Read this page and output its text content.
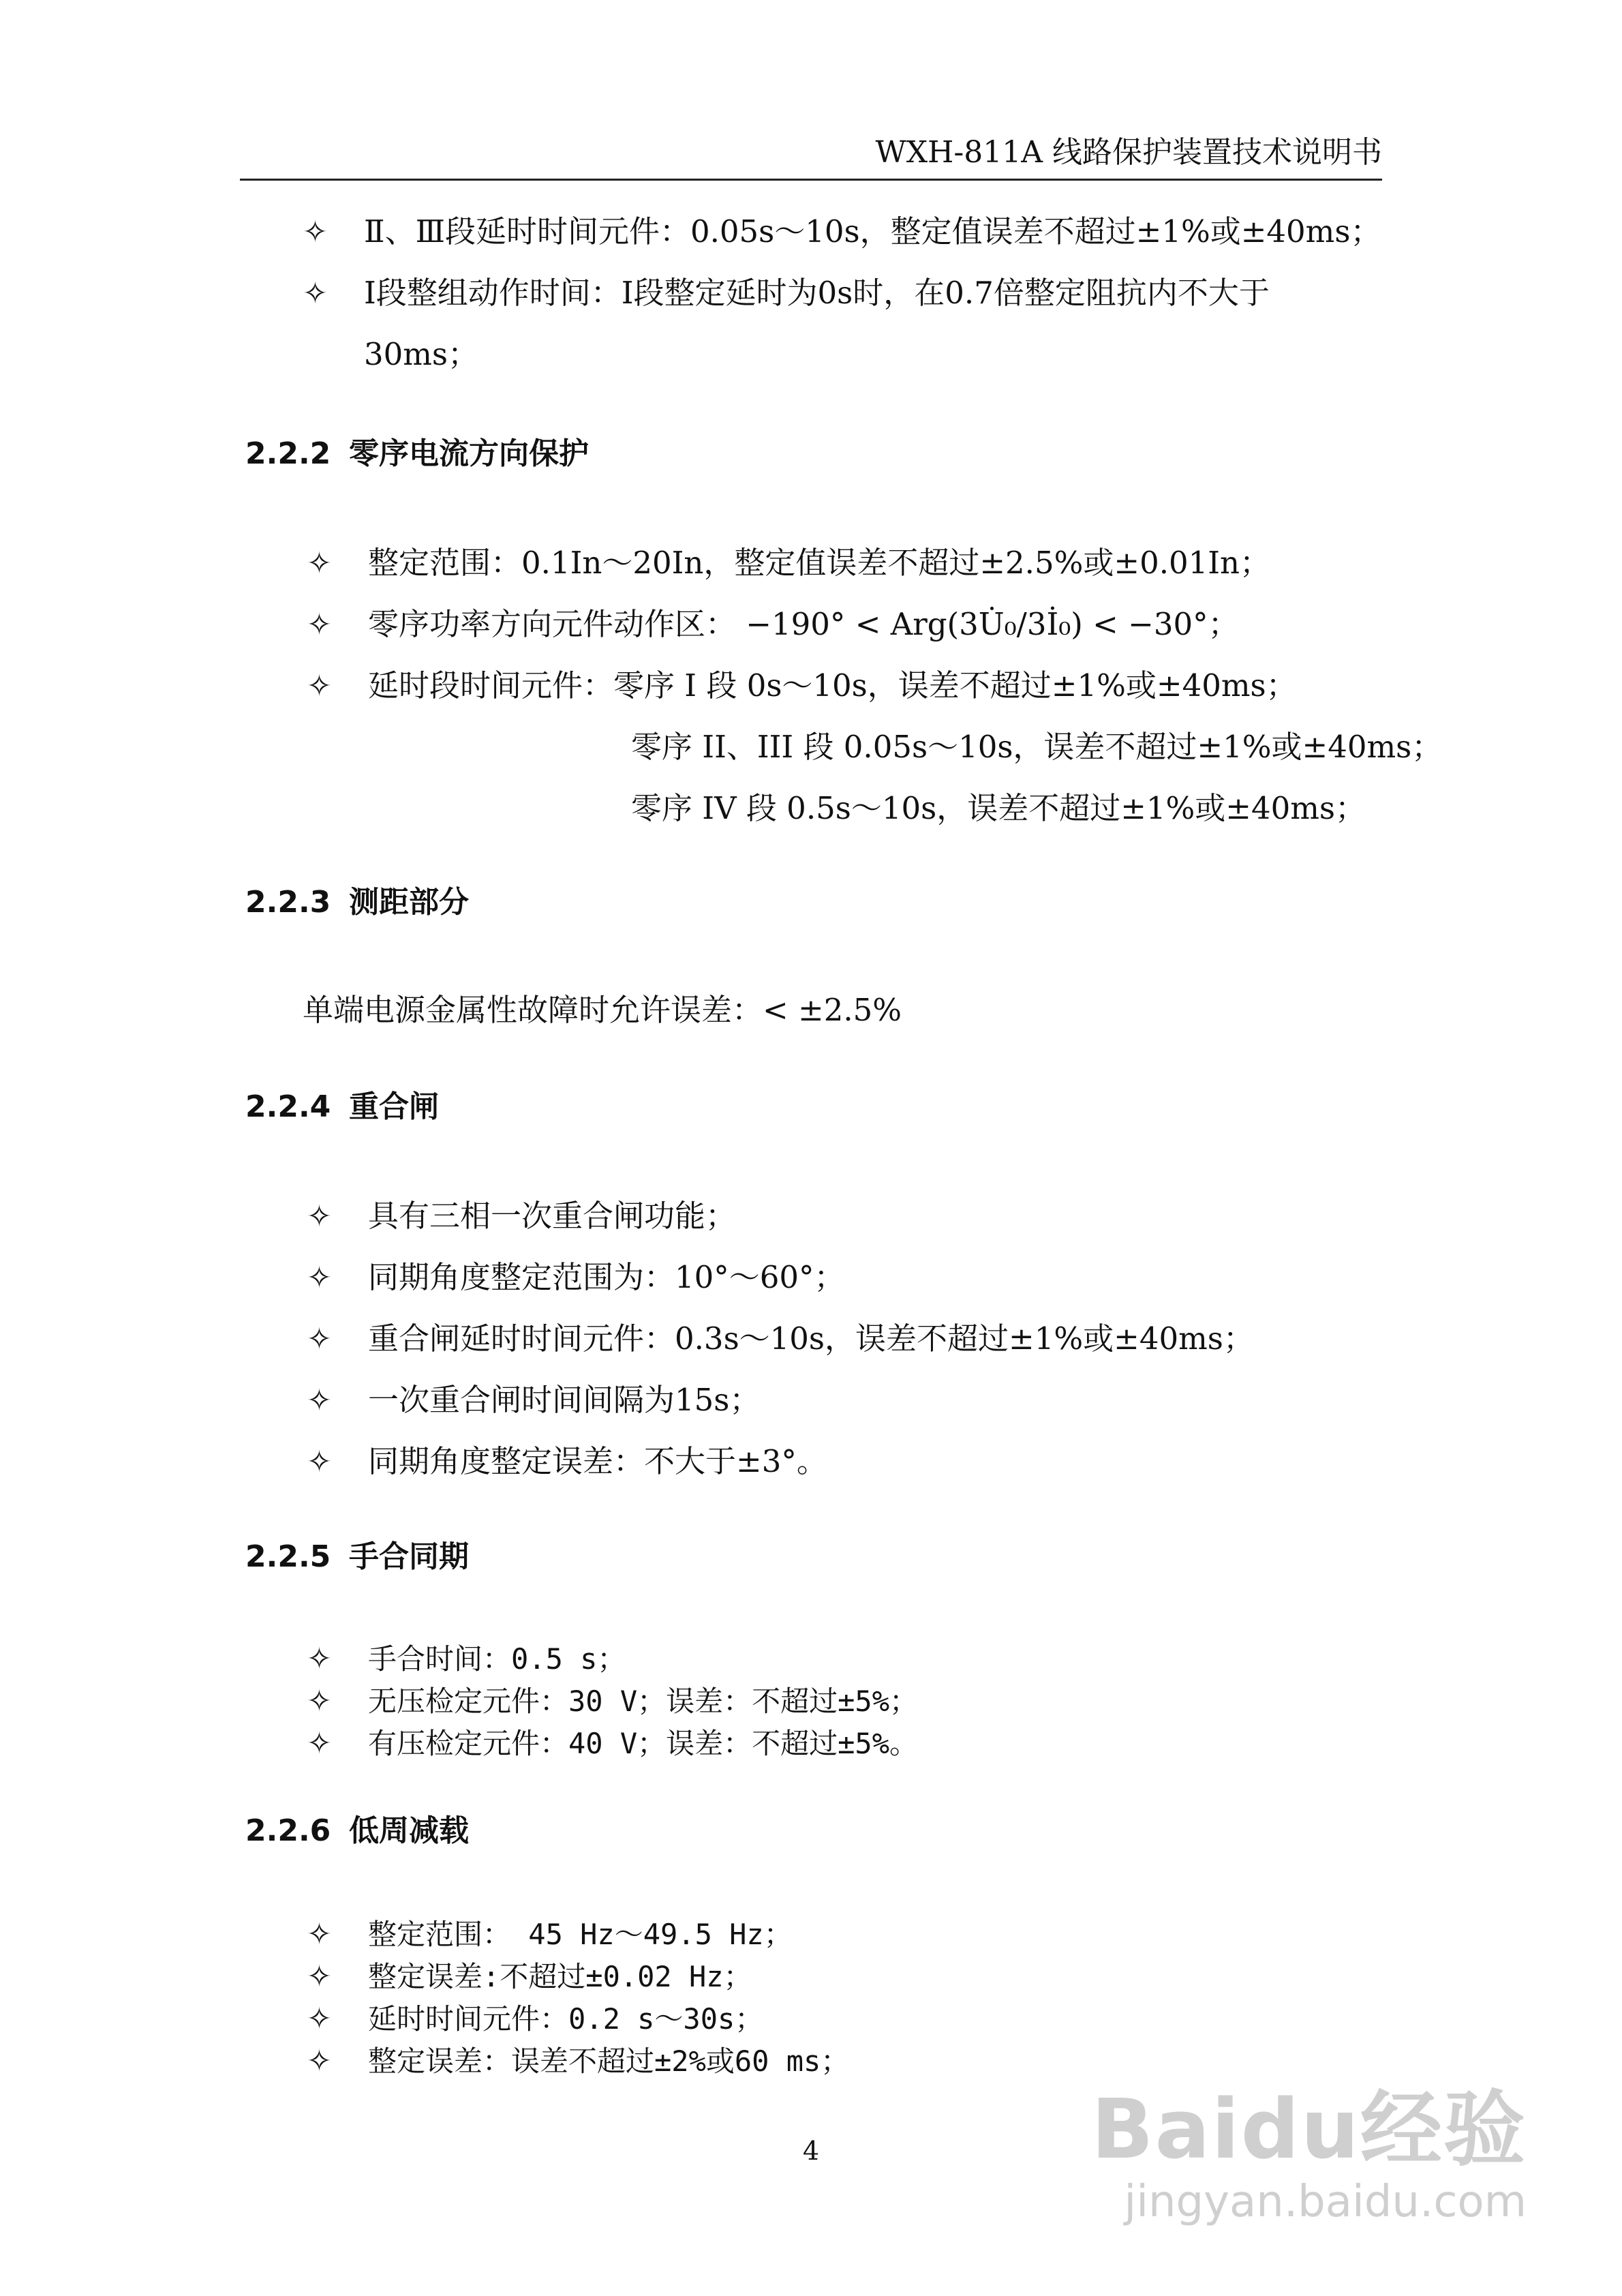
WXH-811A 线路保护装置技术说明书
✧ Ⅱ、Ⅲ段延时时间元件：0.05s～10s，整定值误差不超过±1%或±40ms；
✧ Ⅰ段整组动作时间：Ⅰ段整定延时为0s时，在0.7倍整定阻抗内不大于
30ms；
2.2.2 零序电流方向保护
✧ 整定范围：0.1In～20In，整定值误差不超过±2.5%或±0.01In；
✧ 零序功率方向元件动作区： −190° < Arg(3U̇₀/3İ₀) < −30°；
✧ 延时段时间元件：零序 I 段 0s～10s，误差不超过±1%或±40ms；
零序 II、III 段 0.05s～10s，误差不超过±1%或±40ms；
零序 IV 段 0.5s～10s，误差不超过±1%或±40ms；
2.2.3 测距部分
单端电源金属性故障时允许误差：< ±2.5%
2.2.4 重合闸
✧ 具有三相一次重合闸功能；
✧ 同期角度整定范围为：10°～60°；
✧ 重合闸延时时间元件：0.3s～10s，误差不超过±1%或±40ms；
✧ 一次重合闸时间间隔为15s；
✧ 同期角度整定误差：不大于±3°。
2.2.5 手合同期
✧ 手合时间：0.5 s；
✧ 无压检定元件：30 V；误差：不超过±5%；
✧ 有压检定元件：40 V；误差：不超过±5%。
2.2.6 低周减载
✧ 整定范围： 45 Hz～49.5 Hz；
✧ 整定误差:不超过±0.02 Hz；
✧ 延时时间元件：0.2 s～30s；
✧ 整定误差：误差不超过±2%或60 ms；
4	Baidu经验
jingyan.baidu.com
